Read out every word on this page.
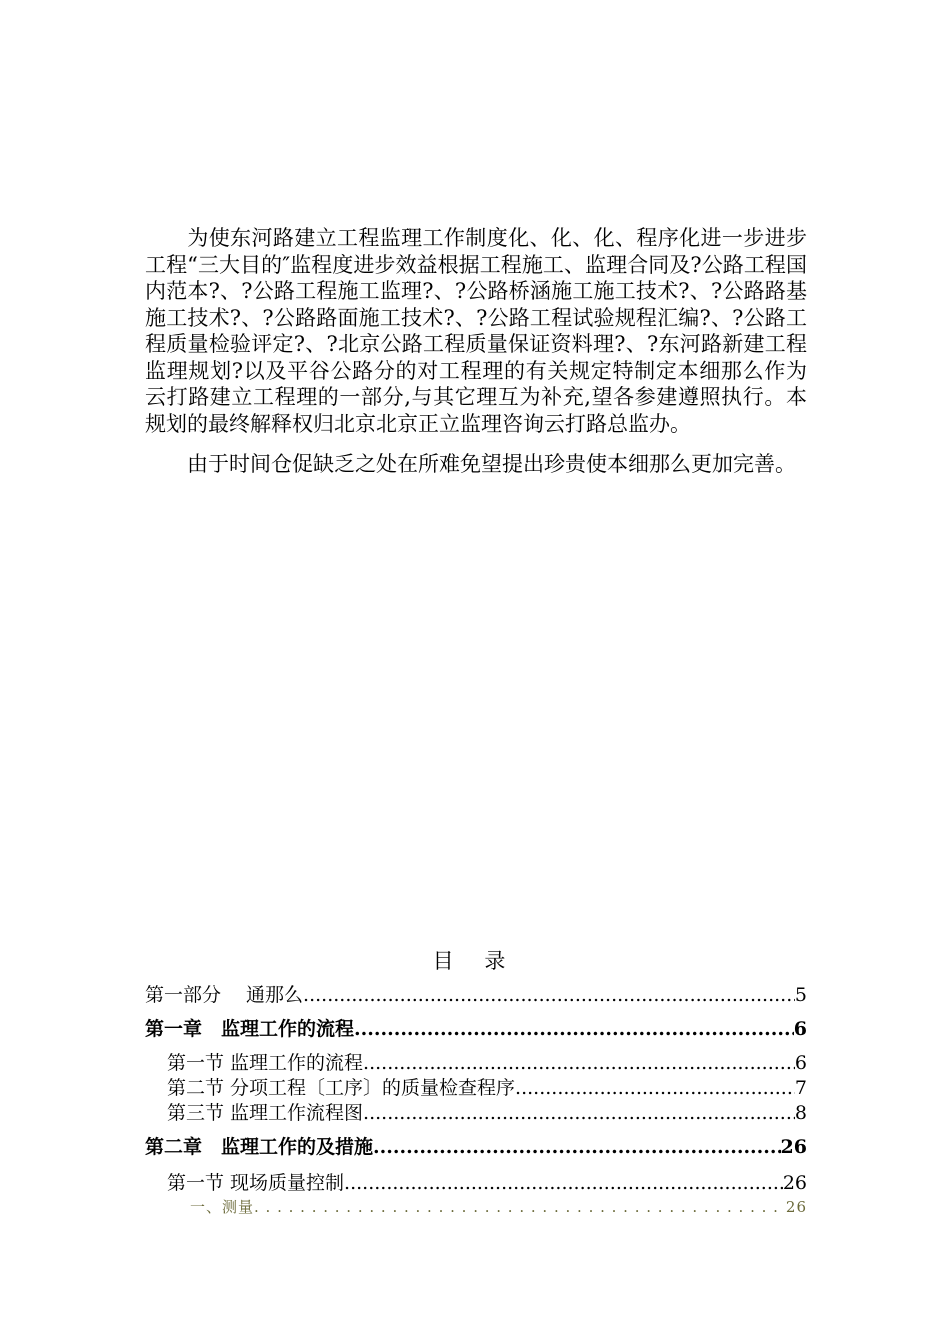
为使东河路建立工程监理工作制度化、化、化、程序化进一步进步工程“三大目的″监程度进步效益根据工程施工、监理合同及?公路工程国内范本?、?公路工程施工监理?、?公路桥涵施工施工技术?、?公路路基施工技术?、?公路路面施工技术?、?公路工程试验规程汇编?、?公路工程质量检验评定?、?北京公路工程质量保证资料理?、?东河路新建工程监理规划?以及平谷公路分的对工程理的有关规定特制定本细那么作为云打路建立工程理的一部分,与其它理互为补充,望各参建遵照执行。本规划的最终解释权归北京北京正立监理咨询云打路总监办。

由于时间仓促缺乏之处在所难免望提出珍贵使本细那么更加完善。

目 录
第一部分　 通那么 .....	5
第一章　监理工作的流程 .....	6
第一节 监理工作的流程 .....	6
第二节 分项工程〔工序〕的质量检查程序 .....	7
第三节 监理工作流程图 .....	8
第二章　监理工作的及措施 .....	26
第一节 现场质量控制 .....	26
一、测量 . . .	26
